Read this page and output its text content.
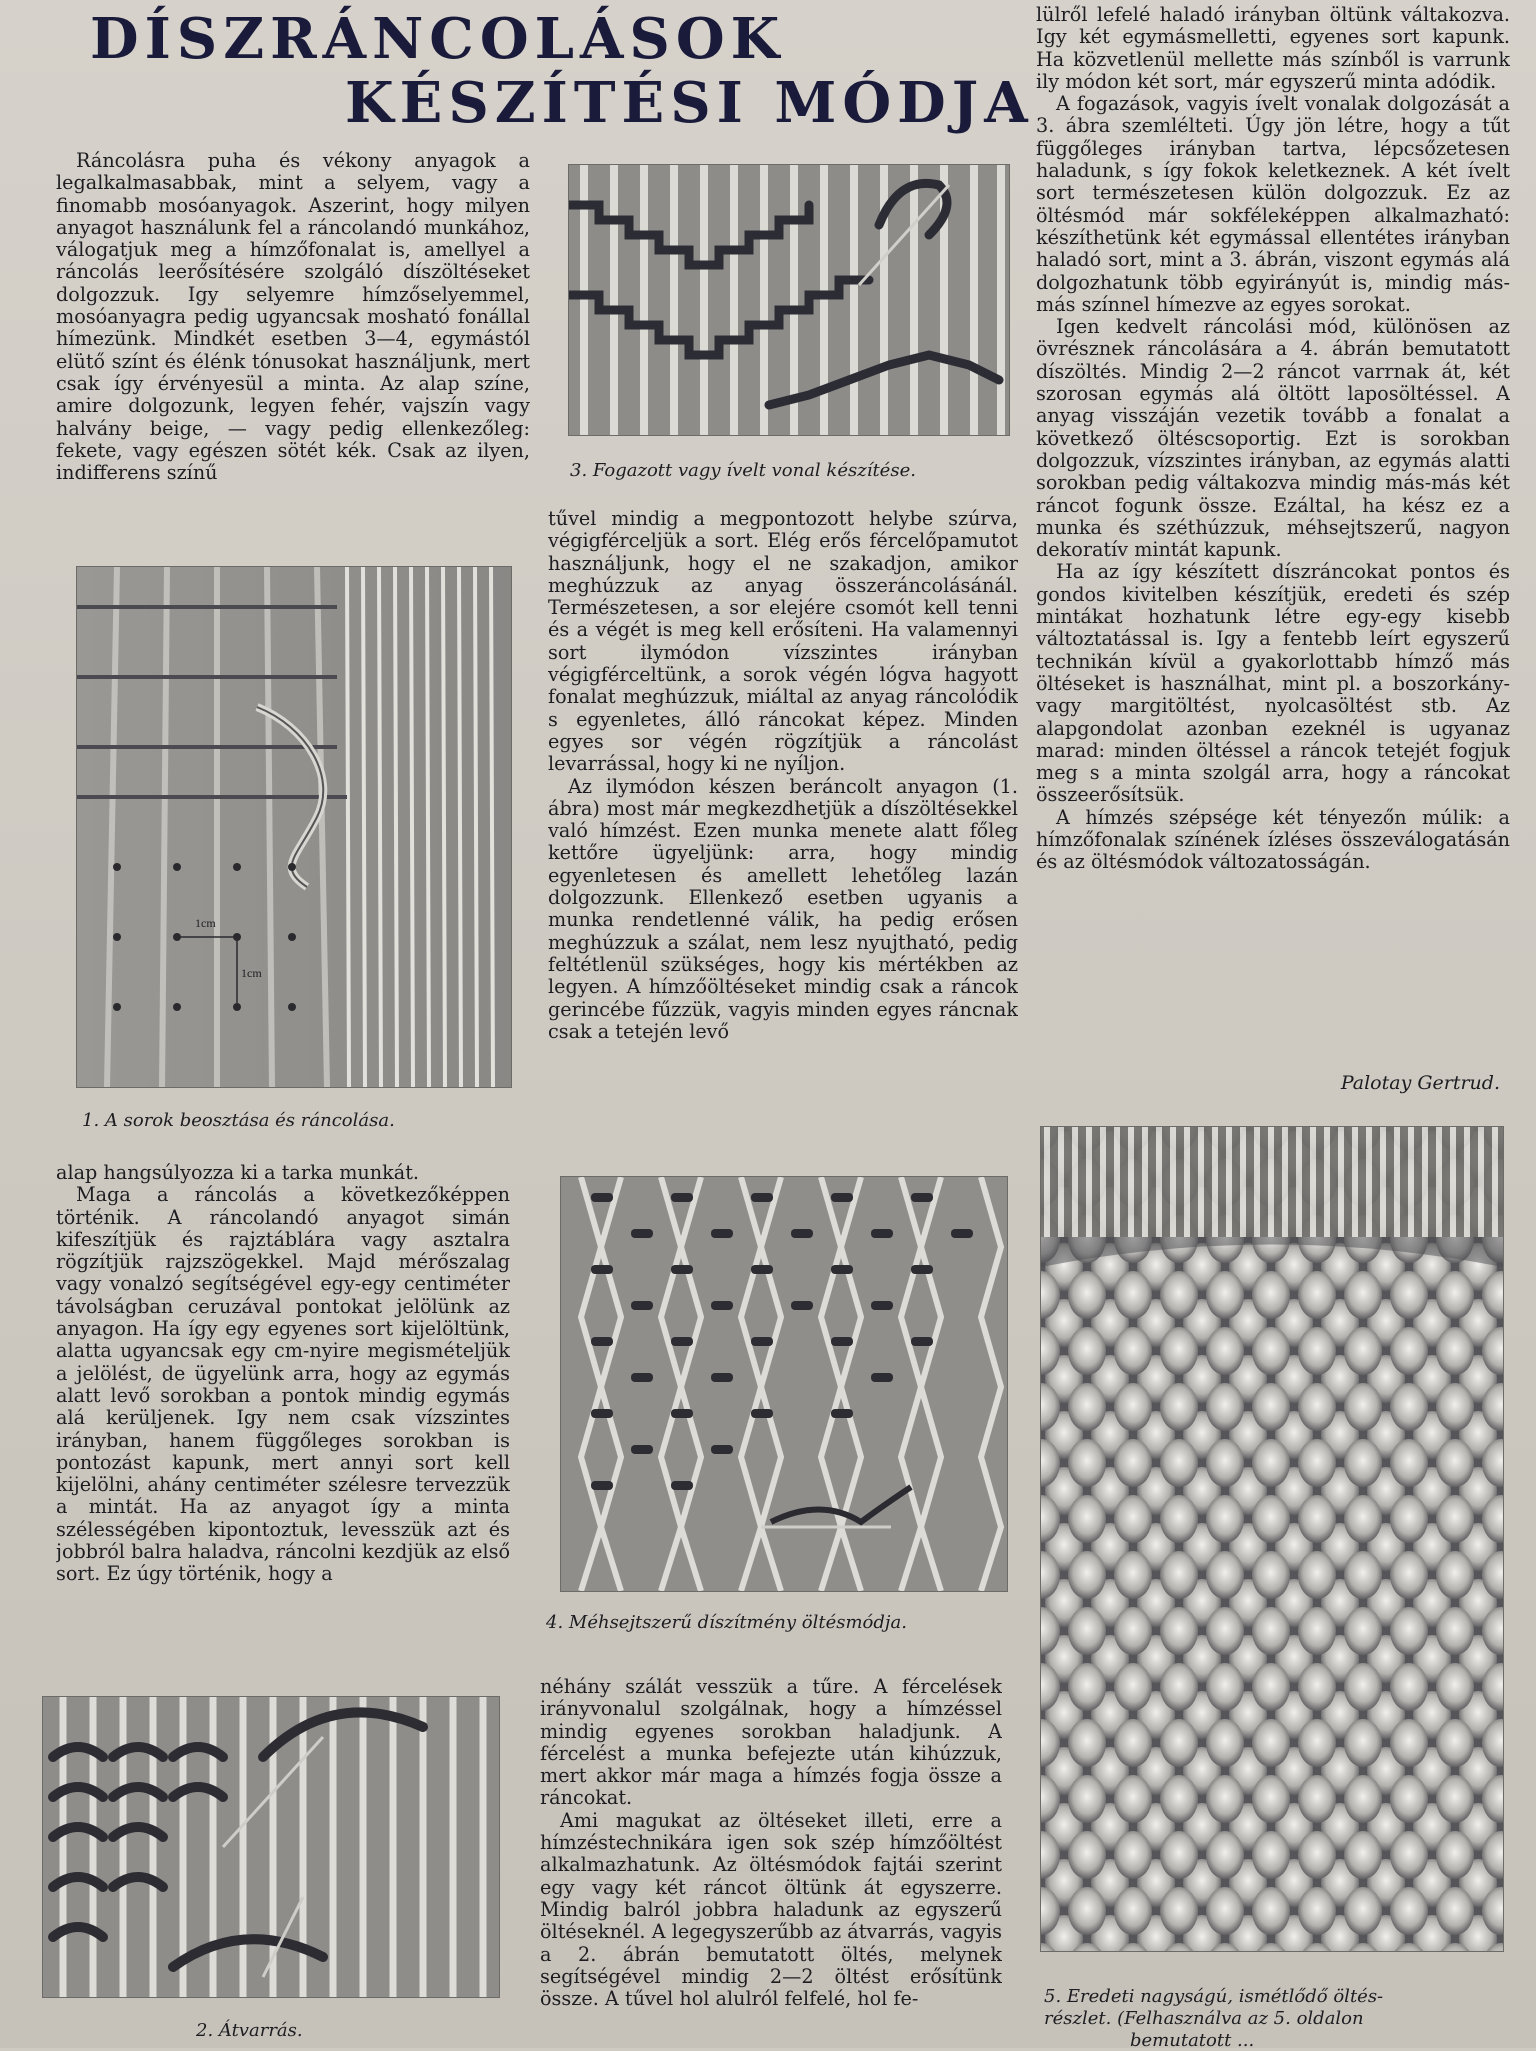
DÍSZRÁNCOLÁSOK
KÉSZÍTÉSI MÓDJA

Ráncolásra puha és vékony anyagok a legalkalmasabbak, mint a selyem, vagy a finomabb mosóanyagok. Aszerint, hogy milyen anyagot használunk fel a ráncolandó munkához, válogatjuk meg a hímzőfonalat is, amellyel a ráncolás leerősítésére szolgáló díszöltéseket dolgozzuk. Igy selyemre hímzőselyemmel, mosóanyagra pedig ugyancsak mosható fonállal hímezünk. Mindkét esetben 3—4, egymástól elütő színt és élénk tónusokat használjunk, mert csak így érvényesül a minta. Az alap színe, amire dolgozunk, legyen fehér, vajszín vagy halvány beige, — vagy pedig ellenkezőleg: fekete, vagy egészen sötét kék. Csak az ilyen, indifferens színű

1cm
1cm
1. A sorok beosztása és ráncolása.

alap hangsúlyozza ki a tarka munkát.

Maga a ráncolás a következőképpen történik. A ráncolandó anyagot simán kifeszítjük és rajztáblára vagy asztalra rögzítjük rajzszögekkel. Majd mérőszalag vagy vonalzó segítségével egy-egy centiméter távolságban ceruzával pontokat jelölünk az anyagon. Ha így egy egyenes sort kijelöltünk, alatta ugyancsak egy cm-nyire megismételjük a jelölést, de ügyelünk arra, hogy az egymás alatt levő sorokban a pontok mindig egymás alá kerüljenek. Igy nem csak vízszintes irányban, hanem függőleges sorokban is pontozást kapunk, mert annyi sort kell kijelölni, ahány centiméter szélesre tervezzük a mintát. Ha az anyagot így a minta szélességében kipontoztuk, levesszük azt és jobbról balra haladva, ráncolni kezdjük az első sort. Ez úgy történik, hogy a

2. Átvarrás.
3. Fogazott vagy ívelt vonal készítése.

tűvel mindig a megpontozott helybe szúrva, végigférceljük a sort. Elég erős fércelőpamutot használjunk, hogy el ne szakadjon, amikor meghúzzuk az anyag összeráncolásánál. Természetesen, a sor elejére csomót kell tenni és a végét is meg kell erősíteni. Ha valamennyi sort ilymódon vízszintes irányban végigférceltünk, a sorok végén lógva hagyott fonalat meghúzzuk, miáltal az anyag ráncolódik s egyenletes, álló ráncokat képez. Minden egyes sor végén rögzítjük a ráncolást levarrással, hogy ki ne nyíljon.

Az ilymódon készen beráncolt anyagon (1. ábra) most már megkezdhetjük a díszöltésekkel való hímzést. Ezen munka menete alatt főleg kettőre ügyeljünk: arra, hogy mindig egyenletesen és amellett lehetőleg lazán dolgozzunk. Ellenkező esetben ugyanis a munka rendetlenné válik, ha pedig erősen meghúzzuk a szálat, nem lesz nyujtható, pedig feltétlenül szükséges, hogy kis mértékben az legyen. A hímzőöltéseket mindig csak a ráncok gerincébe fűzzük, vagyis minden egyes ráncnak csak a tetején levő

4. Méhsejtszerű díszítmény öltésmódja.

néhány szálát vesszük a tűre. A fércelések irányvonalul szolgálnak, hogy a hímzéssel mindig egyenes sorokban haladjunk. A fércelést a munka befejezte után kihúzzuk, mert akkor már maga a hímzés fogja össze a ráncokat.

Ami magukat az öltéseket illeti, erre a hímzéstechnikára igen sok szép hímzőöltést alkalmazhatunk. Az öltésmódok fajtái szerint egy vagy két ráncot öltünk át egyszerre. Mindig balról jobbra haladunk az egyszerű öltéseknél. A legegyszerűbb az átvarrás, vagyis a 2. ábrán bemutatott öltés, melynek segítségével mindig 2—2 öltést erősítünk össze. A tűvel hol alulról felfelé, hol fe-

lülről lefelé haladó irányban öltünk váltakozva. Igy két egymásmelletti, egyenes sort kapunk. Ha közvetlenül mellette más színből is varrunk ily módon két sort, már egyszerű minta adódik.

A fogazások, vagyis ívelt vonalak dolgozását a 3. ábra szemlélteti. Úgy jön létre, hogy a tűt függőleges irányban tartva, lépcsőzetesen haladunk, s így fokok keletkeznek. A két ívelt sort természetesen külön dolgozzuk. Ez az öltésmód már sokféleképpen alkalmazható: készíthetünk két egymással ellentétes irányban haladó sort, mint a 3. ábrán, viszont egymás alá dolgozhatunk több egyirányút is, mindig más-más színnel hímezve az egyes sorokat.

Igen kedvelt ráncolási mód, különösen az övrésznek ráncolására a 4. ábrán bemutatott díszöltés. Mindig 2—2 ráncot varrnak át, két szorosan egymás alá öltött laposöltéssel. A anyag visszáján vezetik tovább a fonalat a következő öltéscsoportig. Ezt is sorokban dolgozzuk, vízszintes irányban, az egymás alatti sorokban pedig váltakozva mindig más-más két ráncot fogunk össze. Ezáltal, ha kész ez a munka és széthúzzuk, méhsejtszerű, nagyon dekoratív mintát kapunk.

Ha az így készített díszráncokat pontos és gondos kivitelben készítjük, eredeti és szép mintákat hozhatunk létre egy-egy kisebb változtatással is. Igy a fentebb leírt egyszerű technikán kívül a gyakorlottabb hímző más öltéseket is használhat, mint pl. a boszorkány- vagy margitöltést, nyolcasöltést stb. Az alapgondolat azonban ezeknél is ugyanaz marad: minden öltéssel a ráncok tetejét fogjuk meg s a minta szolgál arra, hogy a ráncokat összeerősítsük.

A hímzés szépsége két tényezőn múlik: a hímzőfonalak színének ízléses összeválogatásán és az öltésmódok változatosságán.

Palotay Gertrud.
5. Eredeti nagyságú, ismétlődő öltés-
részlet. (Felhasználva az 5. oldalon
bemutatott ...
